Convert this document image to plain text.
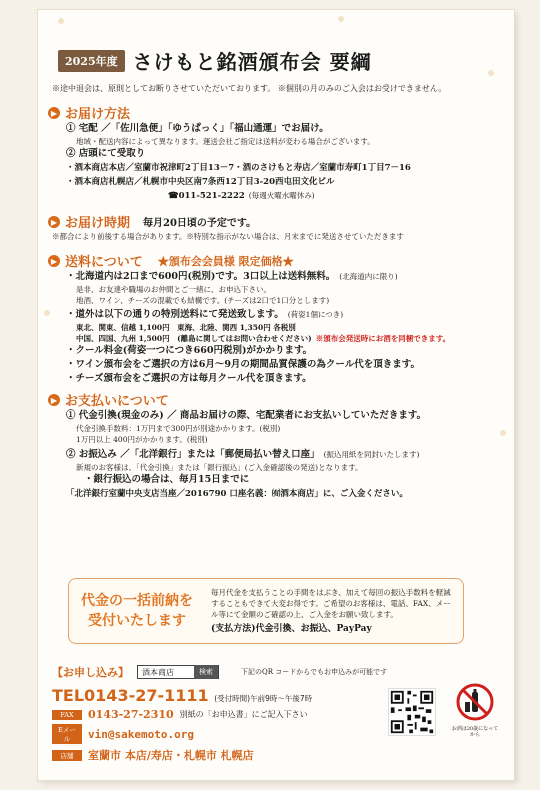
2025年度 さけもと銘酒頒布会 要綱
※途中退会は、原則としてお断りさせていただいております。 ※個別の月のみのご入会はお受けできません。
▶ お届け方法
① 宅配 ／「佐川急便」「ゆうぱっく」「福山通運」でお届け。
地域・配送内容によって異なります。運送会社ご指定は送料が変わる場合がございます。
② 店頭にて受取り
・酒本商店本店／室蘭市祝津町2丁目13－7・酒のさけもと寿店／室蘭市寿町1丁目7－16
・酒本商店札幌店／札幌市中央区南7条西12丁目3-20西屯田文化ビル
☎011-521-2222 (毎週火曜水曜休み)
▶ お届け時期 毎月20日頃の予定です。
※都合により前後する場合があります。※特別な指示がない場合は、月末までに発送させていただきます
▶ 送料について ★頒布会会員様 限定価格★
・北海道内は2口まで600円(税別)です。3口以上は送料無料。 (北海道内に限り)
是非、お友達や職場のお仲間とご一緒に、お申込下さい。
地酒、ワイン、チーズの混載でも結構です。(チーズは2口で1口分とします)
・道外は以下の通りの特別送料にて発送致します。 (荷姿1個につき)
東北、関東、信越 1,100円　東海、北陸、関西 1,350円 各税別
中国、四国、九州 1,500円　(離島に関してはお問い合わせください) ※頒布会発送時にお酒を同梱できます。
・クール料金(荷姿一つにつき660円税別)がかかります。
・ワイン頒布会をご選択の方は6月～9月の期間品質保護の為クール代を頂きます。
・チーズ頒布会をご選択の方は毎月クール代を頂きます。
▶ お支払いについて
① 代金引換(現金のみ) ／ 商品お届けの際、宅配業者にお支払いしていただきます。
代金引換手数料：1万円まで300円が別途かかります。(税別)
1万円以上 400円がかかります。(税別)
② お振込み ／「北洋銀行」または「郵便局払い替え口座」 (振込用紙を同封いたします)
新規のお客様は、「代金引換」または「銀行振込」(ご入金確認後の発送)となります。
・銀行振込の場合は、毎月15日までに
「北洋銀行室蘭中央支店当座／2016790 口座名義：㈲酒本商店」に、ご入金ください。
代金の一括前納を
受付いたします
毎月代金を支払うことの手間をはぶき、加えて毎回の振込手数料を軽減することもできて大変お得です。ご希望のお客様は、電話、FAX、メール等にて金額のご確認の上、ご入金をお願い致します。
(支払方法)代金引換、お振込、PayPay
【お申し込み】	酒本商店	検索	下記のQR コードからでもお申込みが可能です
TEL0143-27-1111 (受付時間)午前9時～午後7時
FAX	0143-27-2310 別紙の「お申込書」にご記入下さい
Eメール	vin@sakemoto.org
店舗	室蘭市 本店/寿店・札幌市 札幌店
お酒は20歳になってから
